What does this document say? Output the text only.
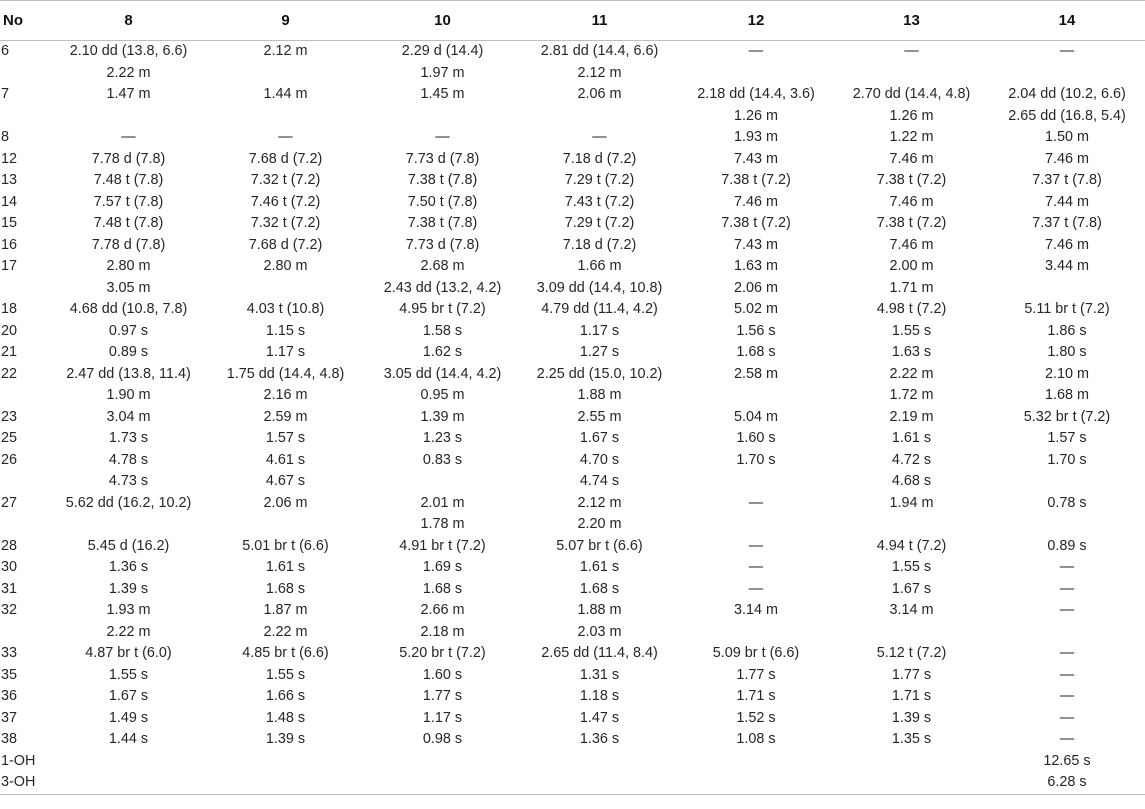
No	8	9	10	11	12	13	14
6	2.10 dd (13.8, 6.6)	2.12 m	2.29 d (14.4)	2.81 dd (14.4, 6.6)	—	—	—
	2.22 m		1.97 m	2.12 m			
7	1.47 m	1.44 m	1.45 m	2.06 m	2.18 dd (14.4, 3.6)	2.70 dd (14.4, 4.8)	2.04 dd (10.2, 6.6)
					1.26 m	1.26 m	2.65 dd (16.8, 5.4)
8	—	—	—	—	1.93 m	1.22 m	1.50 m
12	7.78 d (7.8)	7.68 d (7.2)	7.73 d (7.8)	7.18 d (7.2)	7.43 m	7.46 m	7.46 m
13	7.48 t (7.8)	7.32 t (7.2)	7.38 t (7.8)	7.29 t (7.2)	7.38 t (7.2)	7.38 t (7.2)	7.37 t (7.8)
14	7.57 t (7.8)	7.46 t (7.2)	7.50 t (7.8)	7.43 t (7.2)	7.46 m	7.46 m	7.44 m
15	7.48 t (7.8)	7.32 t (7.2)	7.38 t (7.8)	7.29 t (7.2)	7.38 t (7.2)	7.38 t (7.2)	7.37 t (7.8)
16	7.78 d (7.8)	7.68 d (7.2)	7.73 d (7.8)	7.18 d (7.2)	7.43 m	7.46 m	7.46 m
17	2.80 m	2.80 m	2.68 m	1.66 m	1.63 m	2.00 m	3.44 m
	3.05 m		2.43 dd (13.2, 4.2)	3.09 dd (14.4, 10.8)	2.06 m	1.71 m	
18	4.68 dd (10.8, 7.8)	4.03 t (10.8)	4.95 br t (7.2)	4.79 dd (11.4, 4.2)	5.02 m	4.98 t (7.2)	5.11 br t (7.2)
20	0.97 s	1.15 s	1.58 s	1.17 s	1.56 s	1.55 s	1.86 s
21	0.89 s	1.17 s	1.62 s	1.27 s	1.68 s	1.63 s	1.80 s
22	2.47 dd (13.8, 11.4)	1.75 dd (14.4, 4.8)	3.05 dd (14.4, 4.2)	2.25 dd (15.0, 10.2)	2.58 m	2.22 m	2.10 m
	1.90 m	2.16 m	0.95 m	1.88 m		1.72 m	1.68 m
23	3.04 m	2.59 m	1.39 m	2.55 m	5.04 m	2.19 m	5.32 br t (7.2)
25	1.73 s	1.57 s	1.23 s	1.67 s	1.60 s	1.61 s	1.57 s
26	4.78 s	4.61 s	0.83 s	4.70 s	1.70 s	4.72 s	1.70 s
	4.73 s	4.67 s		4.74 s		4.68 s	
27	5.62 dd (16.2, 10.2)	2.06 m	2.01 m	2.12 m	—	1.94 m	0.78 s
			1.78 m	2.20 m			
28	5.45 d (16.2)	5.01 br t (6.6)	4.91 br t (7.2)	5.07 br t (6.6)	—	4.94 t (7.2)	0.89 s
30	1.36 s	1.61 s	1.69 s	1.61 s	—	1.55 s	—
31	1.39 s	1.68 s	1.68 s	1.68 s	—	1.67 s	—
32	1.93 m	1.87 m	2.66 m	1.88 m	3.14 m	3.14 m	—
	2.22 m	2.22 m	2.18 m	2.03 m			
33	4.87 br t (6.0)	4.85 br t (6.6)	5.20 br t (7.2)	2.65 dd (11.4, 8.4)	5.09 br t (6.6)	5.12 t (7.2)	—
35	1.55 s	1.55 s	1.60 s	1.31 s	1.77 s	1.77 s	—
36	1.67 s	1.66 s	1.77 s	1.18 s	1.71 s	1.71 s	—
37	1.49 s	1.48 s	1.17 s	1.47 s	1.52 s	1.39 s	—
38	1.44 s	1.39 s	0.98 s	1.36 s	1.08 s	1.35 s	—
1-OH							12.65 s
3-OH							6.28 s
